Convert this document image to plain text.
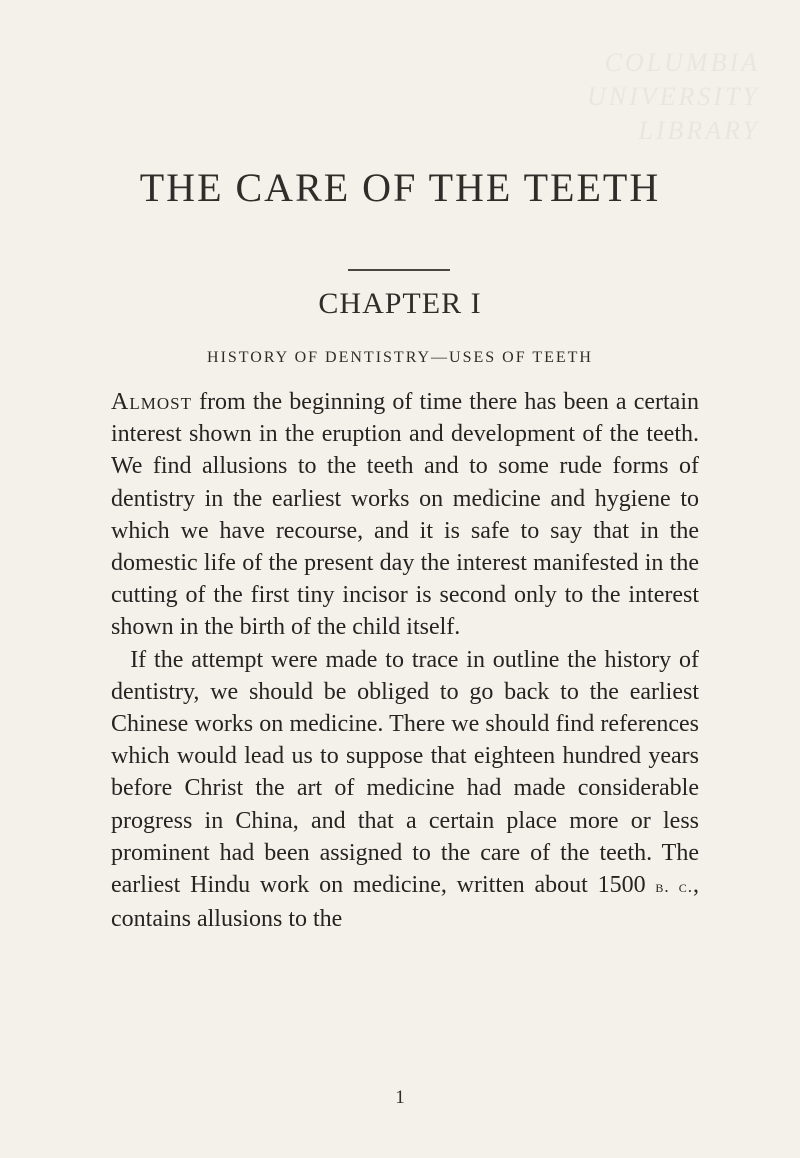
COLUMBIA
UNIVERSITY
LIBRARY
THE CARE OF THE TEETH
CHAPTER I
HISTORY OF DENTISTRY—USES OF TEETH

Almost from the beginning of time there has been a certain interest shown in the eruption and development of the teeth. We find allusions to the teeth and to some rude forms of dentistry in the earliest works on medicine and hygiene to which we have recourse, and it is safe to say that in the domestic life of the present day the interest manifested in the cutting of the first tiny incisor is second only to the interest shown in the birth of the child itself.

If the attempt were made to trace in outline the history of dentistry, we should be obliged to go back to the earliest Chinese works on medicine. There we should find references which would lead us to suppose that eighteen hundred years before Christ the art of medicine had made considerable progress in China, and that a certain place more or less prominent had been assigned to the care of the teeth. The earliest Hindu work on medicine, written about 1500 b. c., contains allusions to the

1
